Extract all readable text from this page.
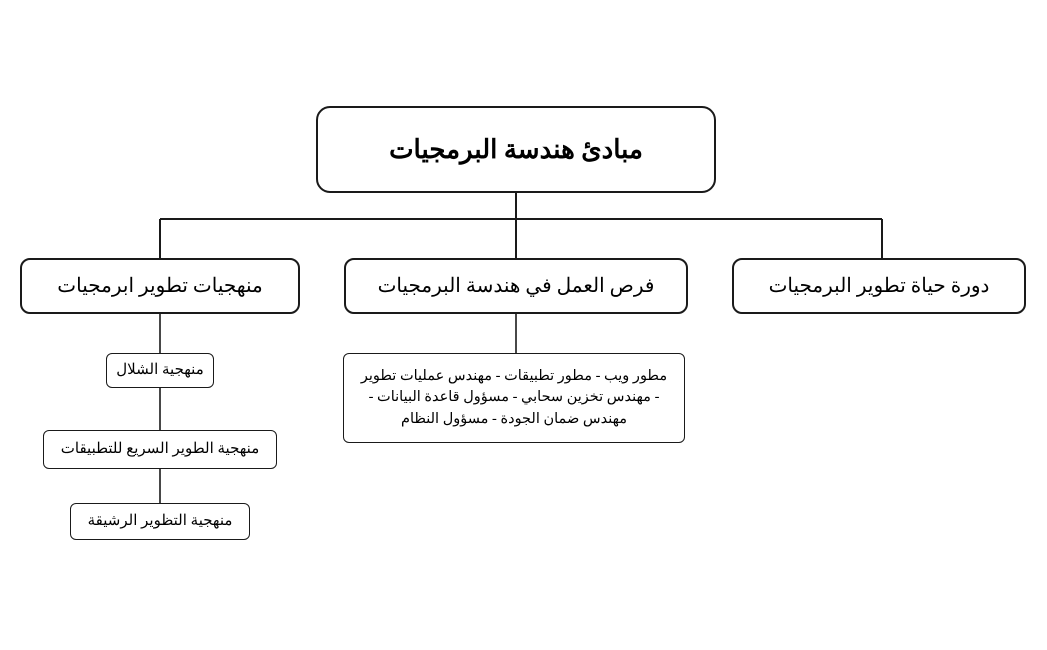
مبادئ هندسة البرمجيات
منهجيات تطوير ابرمجيات	فرص العمل في هندسة البرمجيات	دورة حياة تطوير البرمجيات
منهجية الشلال
منهجية الطوير السريع للتطبيقات
منهجية التظوير الرشيقة
مطور ويب - مطور تطبيقات - مهندس عمليات تطوير - مهندس تخزين سحابي - مسؤول قاعدة البيانات - مهندس ضمان الجودة - مسؤول النظام
